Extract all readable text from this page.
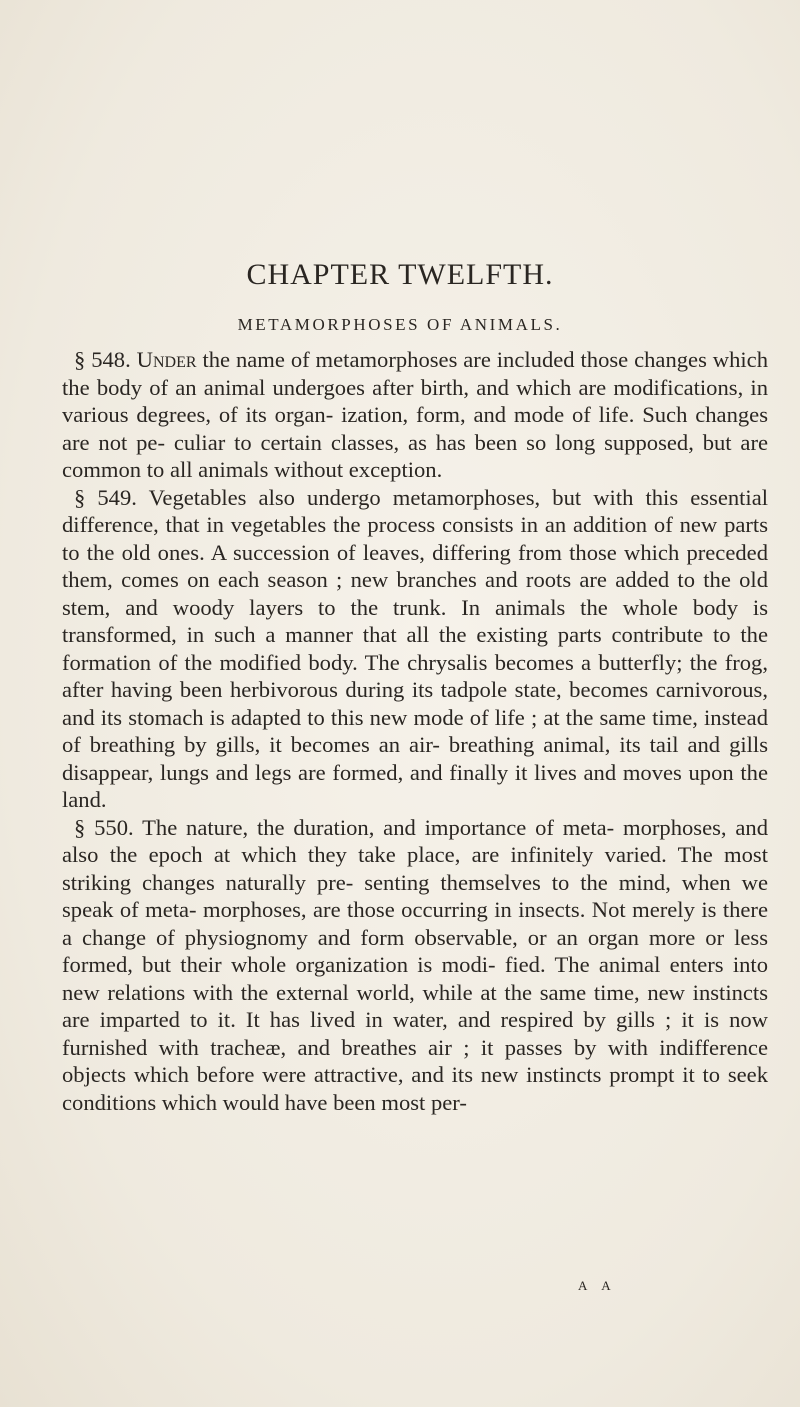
CHAPTER TWELFTH.
METAMORPHOSES OF ANIMALS.

§ 548. Under the name of metamorphoses are included those changes which the body of an animal undergoes after birth, and which are modifications, in various degrees, of its organ- ization, form, and mode of life. Such changes are not pe- culiar to certain classes, as has been so long supposed, but are common to all animals without exception.

§ 549. Vegetables also undergo metamorphoses, but with this essential difference, that in vegetables the process consists in an addition of new parts to the old ones. A succession of leaves, differing from those which preceded them, comes on each season ; new branches and roots are added to the old stem, and woody layers to the trunk. In animals the whole body is transformed, in such a manner that all the existing parts contribute to the formation of the modified body. The chrysalis becomes a butterfly; the frog, after having been herbivorous during its tadpole state, becomes carnivorous, and its stomach is adapted to this new mode of life ; at the same time, instead of breathing by gills, it becomes an air- breathing animal, its tail and gills disappear, lungs and legs are formed, and finally it lives and moves upon the land.

§ 550. The nature, the duration, and importance of meta- morphoses, and also the epoch at which they take place, are infinitely varied. The most striking changes naturally pre- senting themselves to the mind, when we speak of meta- morphoses, are those occurring in insects. Not merely is there a change of physiognomy and form observable, or an organ more or less formed, but their whole organization is modi- fied. The animal enters into new relations with the external world, while at the same time, new instincts are imparted to it. It has lived in water, and respired by gills ; it is now furnished with tracheæ, and breathes air ; it passes by with indifference objects which before were attractive, and its new instincts prompt it to seek conditions which would have been most per-

A A
